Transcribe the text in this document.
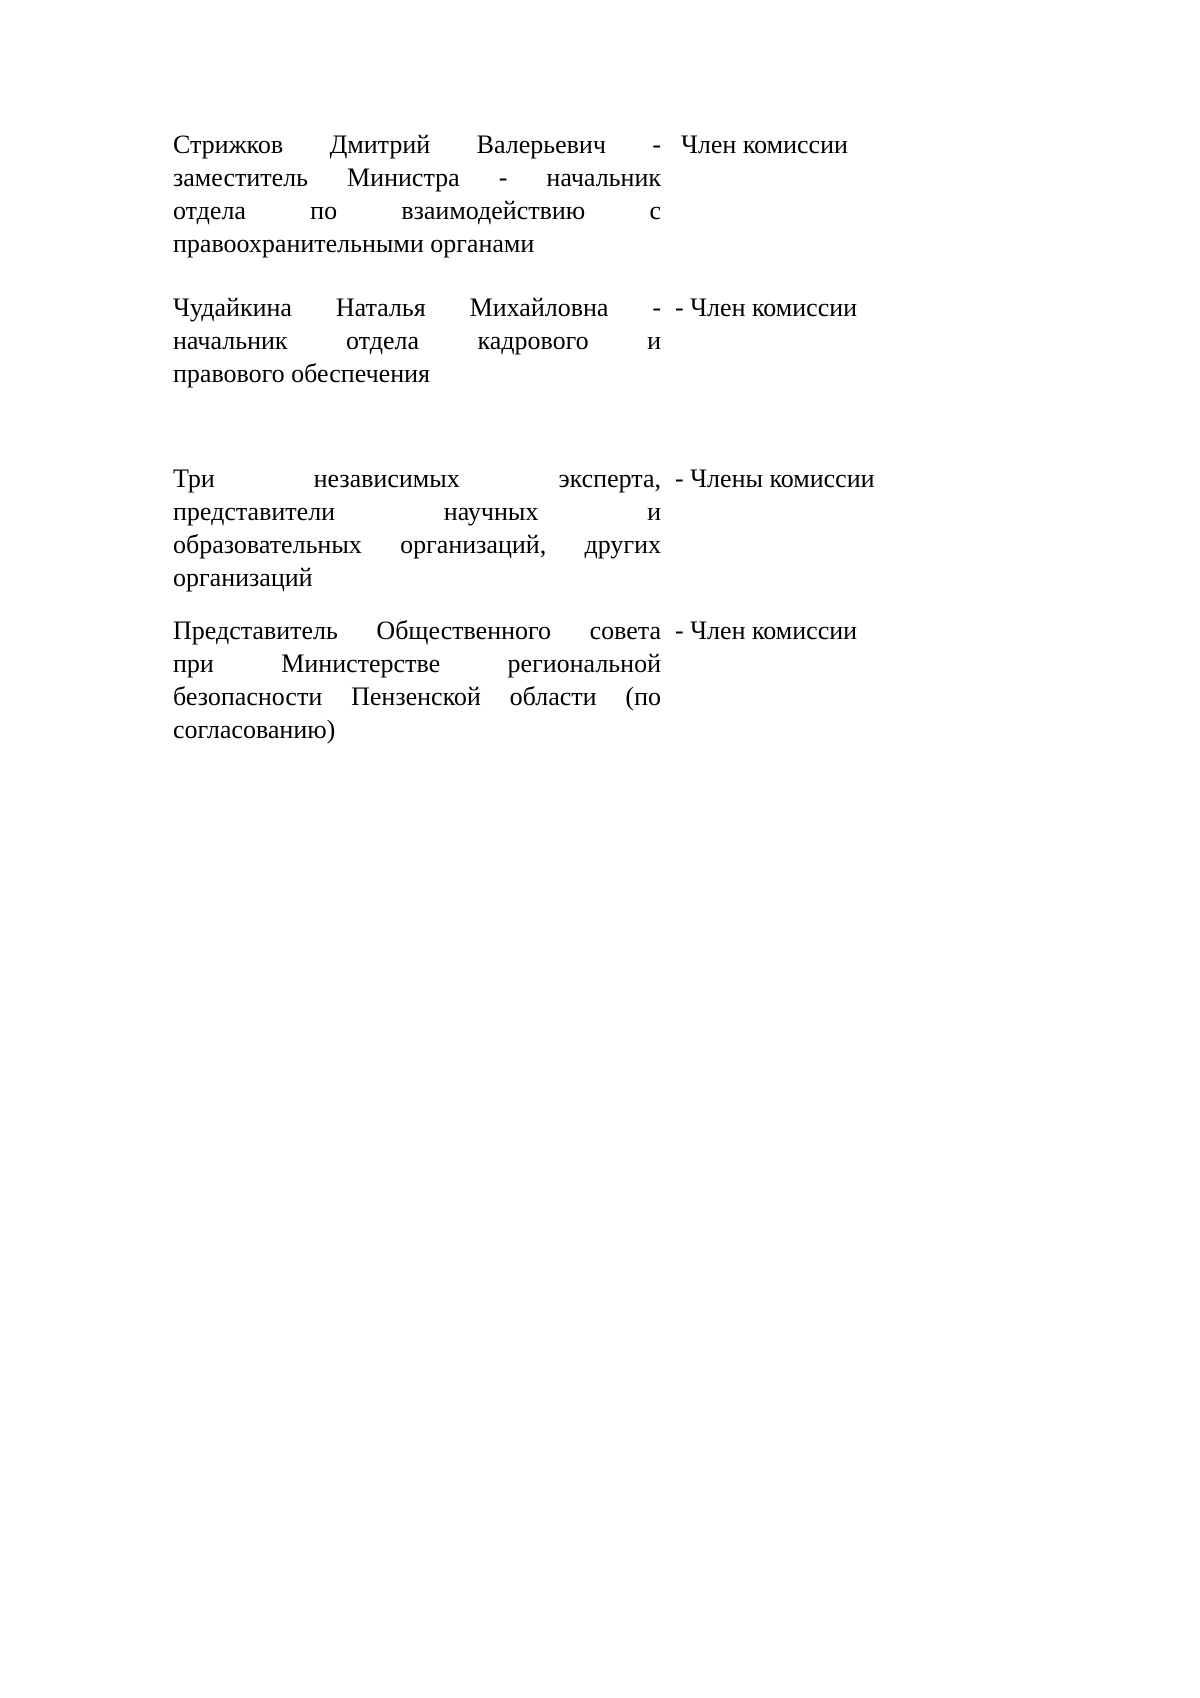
Стрижков Дмитрий Валерьевич -
заместитель Министра - начальник
отдела по взаимодействию с
правоохранительными органами
Член комиссии
Чудайкина Наталья Михайловна -
начальник отдела кадрового и
правового обеспечения
- Член комиссии
Три независимых эксперта,
представители научных и
образовательных организаций, других
организаций
- Члены комиссии
Представитель Общественного совета
при Министерстве региональной
безопасности Пензенской области (по
согласованию)
- Член комиссии
